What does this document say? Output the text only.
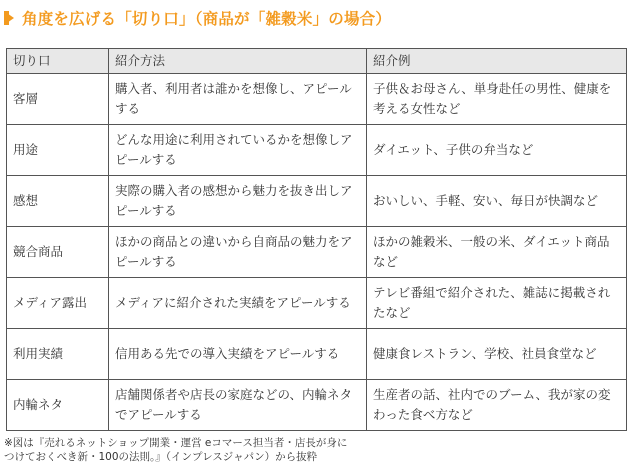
角度を広げる「切り口」（商品が「雑穀米」の場合）
切り口	紹介方法	紹介例
客層	購入者、利用者は誰かを想像し、アピールする	子供＆お母さん、単身赴任の男性、健康を考える女性など
用途	どんな用途に利用されているかを想像しアピールする	ダイエット、子供の弁当など
感想	実際の購入者の感想から魅力を抜き出しアピールする	おいしい、手軽、安い、毎日が快調など
競合商品	ほかの商品との違いから自商品の魅力をアピールする	ほかの雑穀米、一般の米、ダイエット商品など
メディア露出	メディアに紹介された実績をアピールする	テレビ番組で紹介された、雑誌に掲載されたなど
利用実績	信用ある先での導入実績をアピールする	健康食レストラン、学校、社員食堂など
内輪ネタ	店舗関係者や店長の家庭などの、内輪ネタでアピールする	生産者の話、社内でのブーム、我が家の変わった食べ方など
※図は『売れるネットショップ開業・運営 eコマース担当者・店長が身に
つけておくべき新・100の法則。』（インプレスジャパン）から抜粋
